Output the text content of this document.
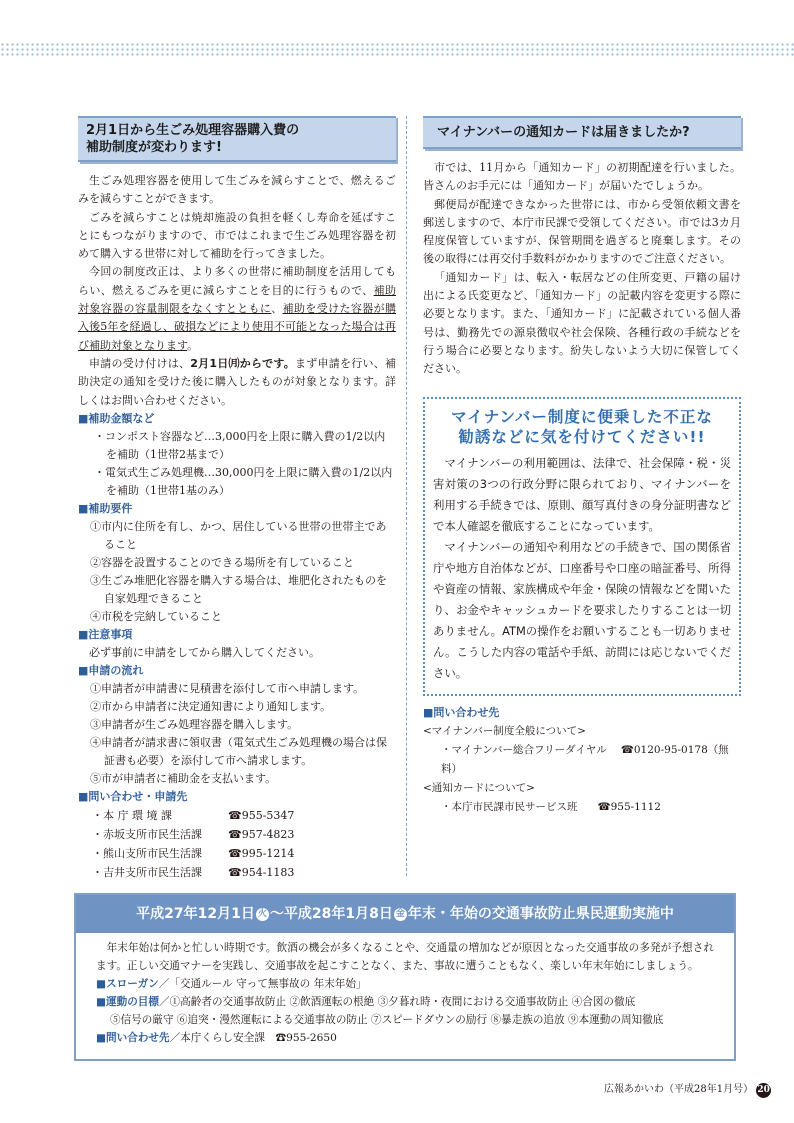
2月1日から生ごみ処理容器購入費の
補助制度が変わります!

生ごみ処理容器を使用して生ごみを減らすことで、燃えるごみを減らすことができます。

ごみを減らすことは焼却施設の負担を軽くし寿命を延ばすことにもつながりますので、市ではこれまで生ごみ処理容器を初めて購入する世帯に対して補助を行ってきました。

今回の制度改正は、より多くの世帯に補助制度を活用してもらい、燃えるごみを更に減らすことを目的に行うもので、補助対象容器の容量制限をなくすとともに、補助を受けた容器が購入後5年を経過し、破損などにより使用不可能となった場合は再び補助対象となります。

申請の受け付けは、2月1日㈪からです。まず申請を行い、補助決定の通知を受けた後に購入したものが対象となります。詳しくはお問い合わせください。

■補助金額など
・コンポスト容器など…3,000円を上限に購入費の1/2以内を補助（1世帯2基まで）
・電気式生ごみ処理機…30,000円を上限に購入費の1/2以内を補助（1世帯1基のみ）
■補助要件
①市内に住所を有し、かつ、居住している世帯の世帯主であること
②容器を設置することのできる場所を有していること
③生ごみ堆肥化容器を購入する場合は、堆肥化されたものを自家処理できること
④市税を完納していること
■注意事項

必ず事前に申請をしてから購入してください。

■申請の流れ
①申請者が申請書に見積書を添付して市へ申請します。
②市から申請者に決定通知書により通知します。
③申請者が生ごみ処理容器を購入します。
④申請者が請求書に領収書（電気式生ごみ処理機の場合は保証書も必要）を添付して市へ請求します。
⑤市が申請者に補助金を支払います。
■問い合わせ・申請先
・本 庁 環 境 課	☎955-5347
・赤坂支所市民生活課	☎957-4823
・熊山支所市民生活課	☎995-1214
・吉井支所市民生活課	☎954-1183
マイナンバーの通知カードは届きましたか?

市では、11月から「通知カード」の初期配達を行いました。皆さんのお手元には「通知カード」が届いたでしょうか。

郵便局が配達できなかった世帯には、市から受領依頼文書を郵送しますので、本庁市民課で受領してください。市では3カ月程度保管していますが、保管期間を過ぎると廃棄します。その後の取得には再交付手数料がかかりますのでご注意ください。

「通知カード」は、転入・転居などの住所変更、戸籍の届け出による氏変更など、「通知カード」の記載内容を変更する際に必要となります。また、「通知カード」に記載されている個人番号は、勤務先での源泉徴収や社会保険、各種行政の手続などを行う場合に必要となります。紛失しないよう大切に保管してください。

マイナンバー制度に便乗した不正な
勧誘などに気を付けてください!!

マイナンバーの利用範囲は、法律で、社会保障・税・災害対策の3つの行政分野に限られており、マイナンバーを利用する手続きでは、原則、顔写真付きの身分証明書などで本人確認を徹底することになっています。

マイナンバーの通知や利用などの手続きで、国の関係省庁や地方自治体などが、口座番号や口座の暗証番号、所得や資産の情報、家族構成や年金・保険の情報などを聞いたり、お金やキャッシュカードを要求したりすることは一切ありません。ATMの操作をお願いすることも一切ありません。こうした内容の電話や手紙、訪問には応じないでください。

■問い合わせ先
<マイナンバー制度全般について>
・マイナンバー総合フリーダイヤル ☎0120-95-0178（無料）
<通知カードについて>
・本庁市民課市民サービス班 ☎955-1112
平成27年12月1日 火 ～平成28年1月8日 金 年末・年始の交通事故防止県民運動実施中

年末年始は何かと忙しい時期です。飲酒の機会が多くなることや、交通量の増加などが原因となった交通事故の多発が予想されます。正しい交通マナーを実践し、交通事故を起こすことなく、また、事故に遭うこともなく、楽しい年末年始にしましょう。

■スローガン／「交通ルール 守って無事故の 年末年始」
■運動の目標／①高齢者の交通事故防止 ②飲酒運転の根絶 ③夕暮れ時・夜間における交通事故防止 ④合図の徹底
⑤信号の厳守 ⑥追突・漫然運転による交通事故の防止 ⑦スピードダウンの励行 ⑧暴走族の追放 ⑨本運動の周知徹底
■問い合わせ先／本庁くらし安全課　☎955-2650
広報あかいわ（平成28年1月号） 20
